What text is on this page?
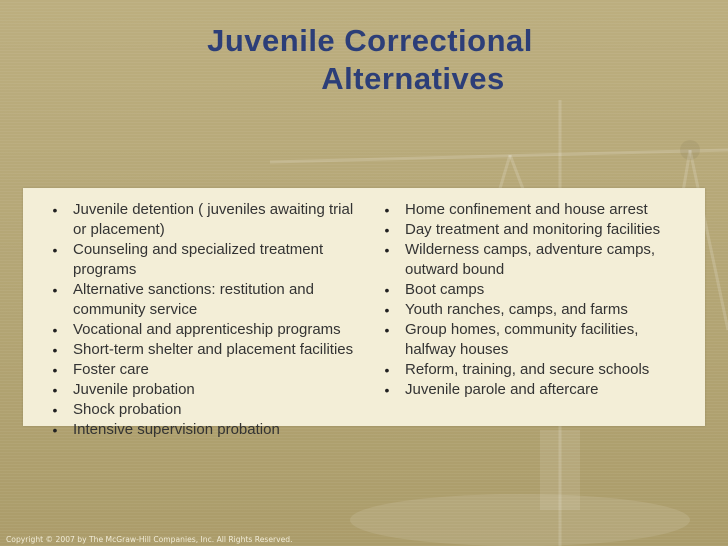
Juvenile Correctional
Alternatives
• Juvenile detention ( juveniles awaiting trial or placement)
• Counseling and specialized treatment programs
• Alternative sanctions: restitution and community service
• Vocational and apprenticeship programs
• Short-term shelter and placement facilities
• Foster care
• Juvenile probation
• Shock probation
• Intensive supervision probation
• Home confinement and house arrest
• Day treatment and monitoring facilities
• Wilderness camps, adventure camps, outward bound
• Boot camps
• Youth ranches, camps, and farms
• Group homes, community facilities, halfway houses
• Reform, training, and secure schools
• Juvenile parole and aftercare
Copyright © 2007 by The McGraw-Hill Companies, Inc. All Rights Reserved.
